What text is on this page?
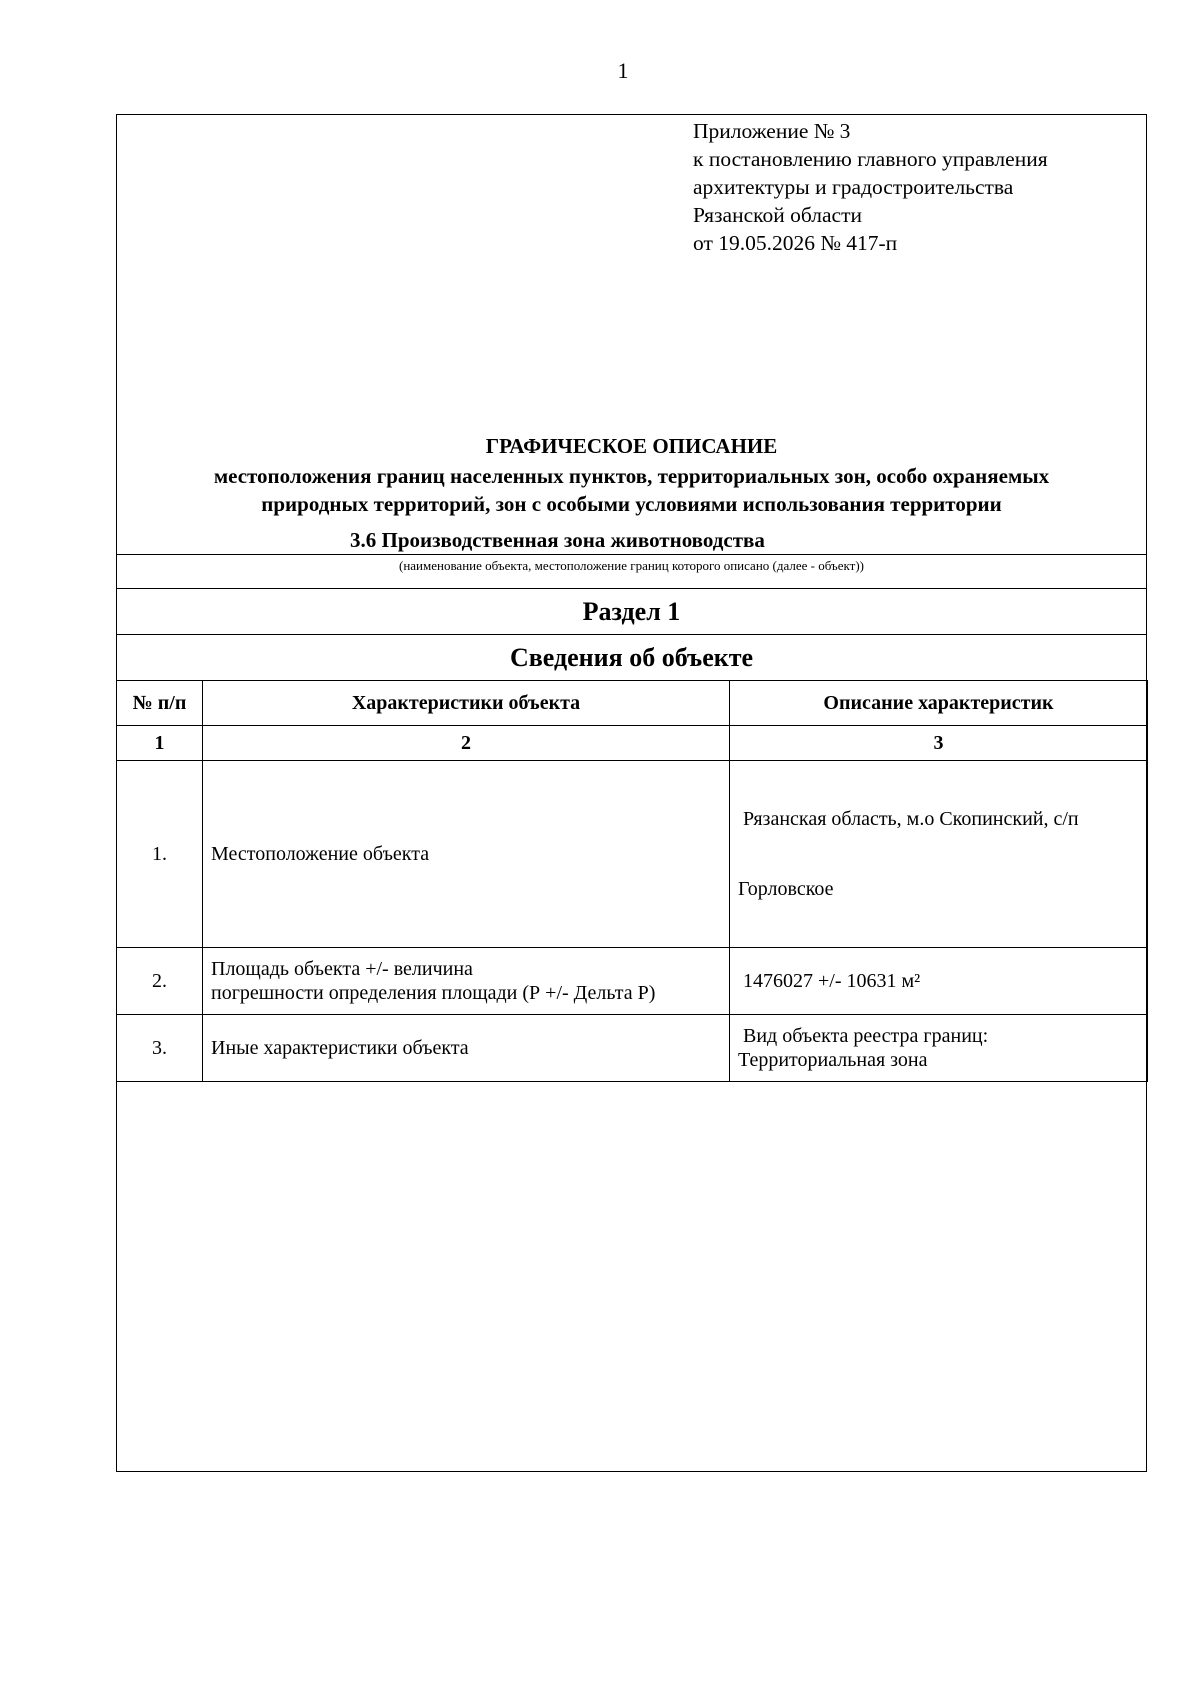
1
Приложение № 3
к постановлению главного управления
архитектуры и градостроительства
Рязанской области
от 19.05.2026 № 417-п
ГРАФИЧЕСКОЕ ОПИСАНИЕ
местоположения границ населенных пунктов, территориальных зон, особо охраняемых
природных территорий, зон с особыми условиями использования территории
3.6 Производственная зона животноводства
(наименование объекта, местоположение границ которого описано (далее - объект))
Раздел 1
Сведения об объекте
№ п/п	Характеристики объекта	Описание характеристик
1	2	3
1.	Местоположение объекта	Рязанская область, м.о Скопинский, с/п

Горловское

2.	Площадь объекта +/- величина
погрешности определения площади (Р +/- Дельта Р)	1476027 +/- 10631 м²

3.	Иные характеристики объекта	Вид объекта реестра границ:
Территориальная зона
